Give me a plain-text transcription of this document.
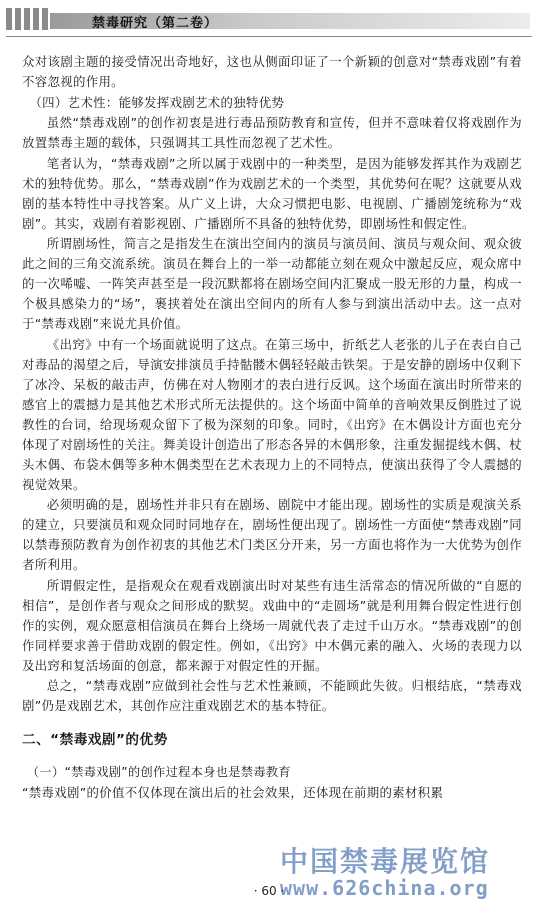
禁毒研究（第二卷）

众对该剧主题的接受情况出奇地好，这也从侧面印证了一个新颖的创意对“禁毒戏剧”有着不容忽视的作用。

（四）艺术性：能够发挥戏剧艺术的独特优势

虽然“禁毒戏剧”的创作初衷是进行毒品预防教育和宣传，但并不意味着仅将戏剧作为放置禁毒主题的载体，只强调其工具性而忽视了艺术性。

笔者认为，“禁毒戏剧”之所以属于戏剧中的一种类型，是因为能够发挥其作为戏剧艺术的独特优势。那么，“禁毒戏剧”作为戏剧艺术的一个类型，其优势何在呢？这就要从戏剧的基本特性中寻找答案。从广义上讲，大众习惯把电影、电视剧、广播剧笼统称为“戏剧”。其实，戏剧有着影视剧、广播剧所不具备的独特优势，即剧场性和假定性。

所谓剧场性，简言之是指发生在演出空间内的演员与演员间、演员与观众间、观众彼此之间的三角交流系统。演员在舞台上的一举一动都能立刻在观众中激起反应，观众席中的一次唏嘘、一阵笑声甚至是一段沉默都将在剧场空间内汇聚成一股无形的力量，构成一个极具感染力的“场”，裹挟着处在演出空间内的所有人参与到演出活动中去。这一点对于“禁毒戏剧”来说尤具价值。

《出窍》中有一个场面就说明了这点。在第三场中，折纸艺人老张的儿子在表白自己对毒品的渴望之后，导演安排演员手持骷髅木偶轻轻敲击铁架。于是安静的剧场中仅剩下了冰冷、呆板的敲击声，仿佛在对人物刚才的表白进行反讽。这个场面在演出时所带来的感官上的震撼力是其他艺术形式所无法提供的。这个场面中简单的音响效果反倒胜过了说教性的台词，给现场观众留下了极为深刻的印象。同时，《出窍》在木偶设计方面也充分体现了对剧场性的关注。舞美设计创造出了形态各异的木偶形象，注重发掘提线木偶、杖头木偶、布袋木偶等多种木偶类型在艺术表现力上的不同特点，使演出获得了令人震撼的视觉效果。

必须明确的是，剧场性并非只有在剧场、剧院中才能出现。剧场性的实质是观演关系的建立，只要演员和观众同时同地存在，剧场性便出现了。剧场性一方面使“禁毒戏剧”同以禁毒预防教育为创作初衷的其他艺术门类区分开来，另一方面也将作为一大优势为创作者所利用。

所谓假定性，是指观众在观看戏剧演出时对某些有违生活常态的情况所做的“自愿的相信”，是创作者与观众之间形成的默契。戏曲中的“走圆场”就是利用舞台假定性进行创作的实例，观众愿意相信演员在舞台上绕场一周就代表了走过千山万水。“禁毒戏剧”的创作同样要求善于借助戏剧的假定性。例如，《出窍》中木偶元素的融入、火场的表现力以及出窍和复活场面的创意，都来源于对假定性的开掘。

总之，“禁毒戏剧”应做到社会性与艺术性兼顾，不能顾此失彼。归根结底，“禁毒戏剧”仍是戏剧艺术，其创作应注重戏剧艺术的基本特征。

二、“禁毒戏剧”的优势

（一）“禁毒戏剧”的创作过程本身也是禁毒教育

“禁毒戏剧”的价值不仅体现在演出后的社会效果，还体现在前期的素材积累

中国禁毒展览馆
www.626china.org
· 60 ·
